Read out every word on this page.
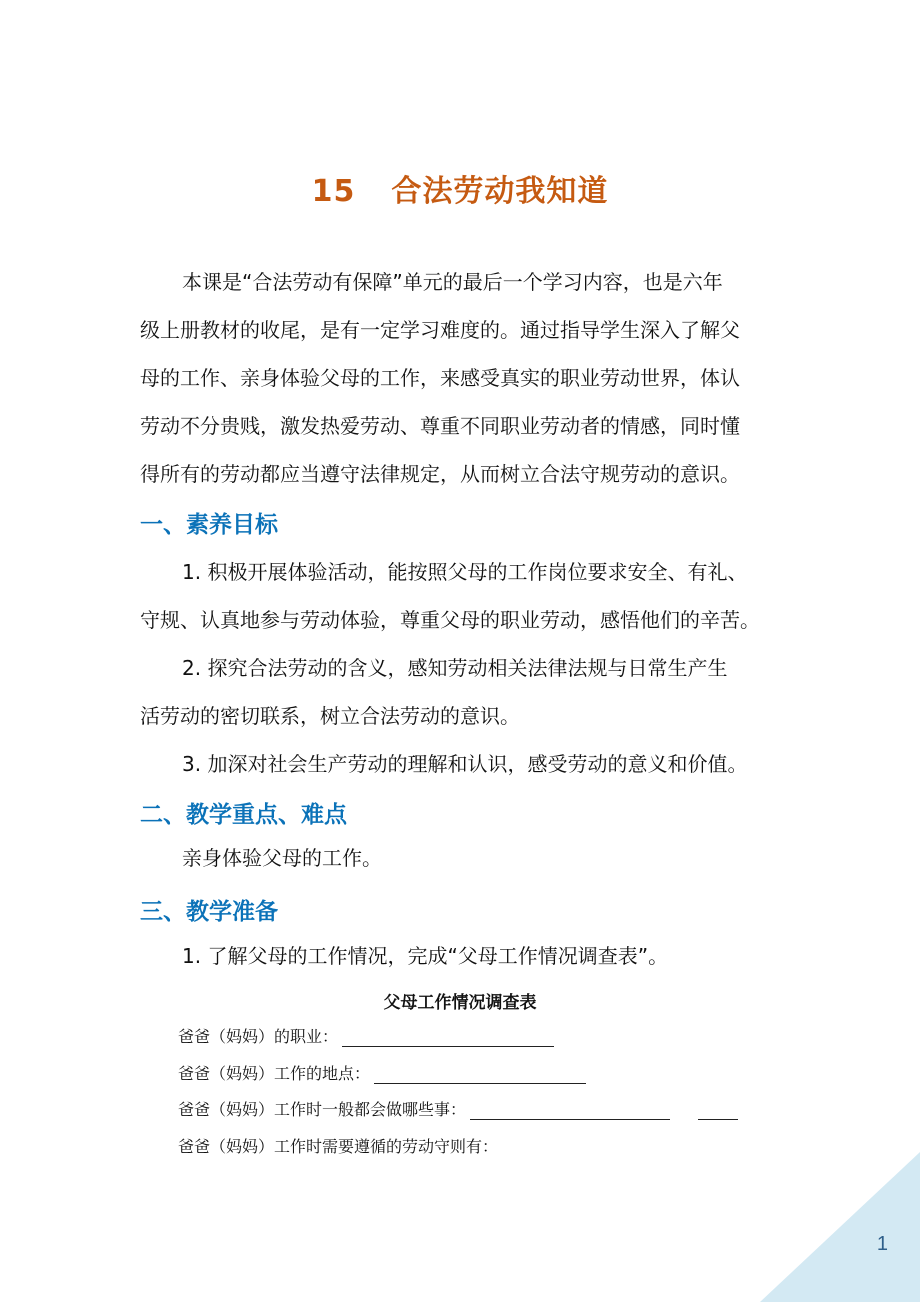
15 合法劳动我知道
本课是“合法劳动有保障”单元的最后一个学习内容，也是六年
级上册教材的收尾，是有一定学习难度的。通过指导学生深入了解父
母的工作、亲身体验父母的工作，来感受真实的职业劳动世界，体认
劳动不分贵贱，激发热爱劳动、尊重不同职业劳动者的情感，同时懂
得所有的劳动都应当遵守法律规定，从而树立合法守规劳动的意识。
一、素养目标
1. 积极开展体验活动，能按照父母的工作岗位要求安全、有礼、
守规、认真地参与劳动体验，尊重父母的职业劳动，感悟他们的辛苦。
2. 探究合法劳动的含义，感知劳动相关法律法规与日常生产生
活劳动的密切联系，树立合法劳动的意识。
3. 加深对社会生产劳动的理解和认识，感受劳动的意义和价值。
二、教学重点、难点
亲身体验父母的工作。
三、教学准备
1. 了解父母的工作情况，完成“父母工作情况调查表”。
父母工作情况调查表
爸爸（妈妈）的职业：
爸爸（妈妈）工作的地点：
爸爸（妈妈）工作时一般都会做哪些事：
爸爸（妈妈）工作时需要遵循的劳动守则有：
1
